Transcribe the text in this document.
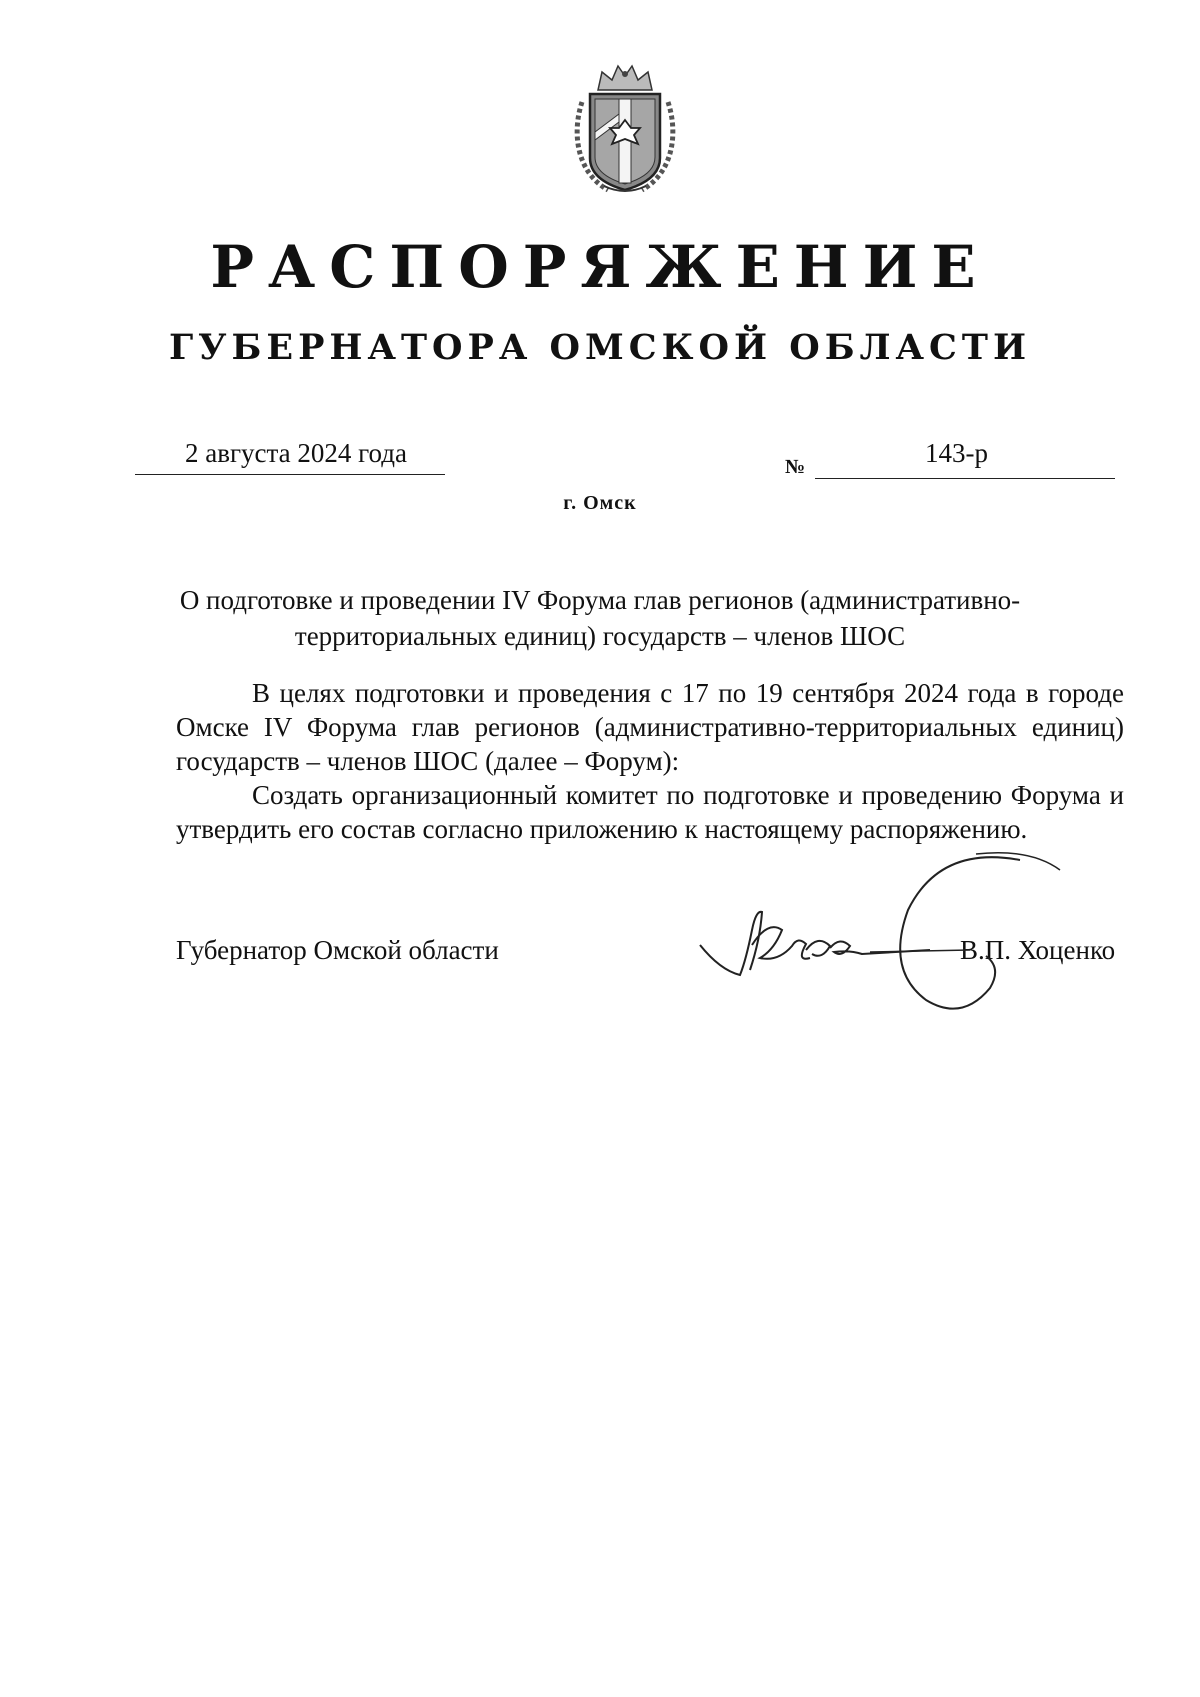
РАСПОРЯЖЕНИЕ
ГУБЕРНАТОРА ОМСКОЙ ОБЛАСТИ
2 августа 2024 года	№	143-р
г. Омск
О подготовке и проведении IV Форума глав регионов (административно-территориальных единиц) государств – членов ШОС

В целях подготовки и проведения с 17 по 19 сентября 2024 года в городе Омске IV Форума глав регионов (административно-территориальных единиц) государств – членов ШОС (далее – Форум):

Создать организационный комитет по подготовке и проведению Форума и утвердить его состав согласно приложению к настоящему распоряжению.

Губернатор Омской области	В.П. Хоценко
